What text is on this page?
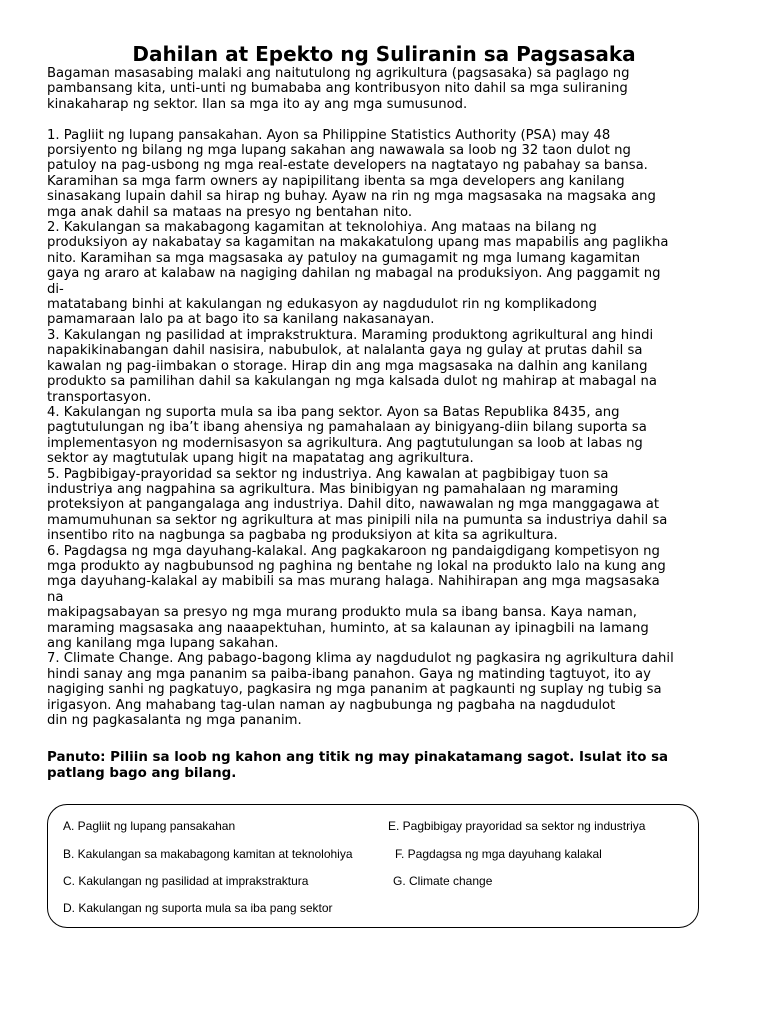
Dahilan at Epekto ng Suliranin sa Pagsasaka

Bagaman masasabing malaki ang naitutulong ng agrikultura (pagsasaka) sa paglago ng
pambansang kita, unti-unti ng bumababa ang kontribusyon nito dahil sa mga suliraning
kinakaharap ng sektor. Ilan sa mga ito ay ang mga sumusunod.

1. Pagliit ng lupang pansakahan. Ayon sa Philippine Statistics Authority (PSA) may 48
porsiyento ng bilang ng mga lupang sakahan ang nawawala sa loob ng 32 taon dulot ng
patuloy na pag-usbong ng mga real-estate developers na nagtatayo ng pabahay sa bansa.
Karamihan sa mga farm owners ay napipilitang ibenta sa mga developers ang kanilang
sinasakang lupain dahil sa hirap ng buhay. Ayaw na rin ng mga magsasaka na magsaka ang
mga anak dahil sa mataas na presyo ng bentahan nito.

2. Kakulangan sa makabagong kagamitan at teknolohiya. Ang mataas na bilang ng
produksiyon ay nakabatay sa kagamitan na makakatulong upang mas mapabilis ang paglikha
nito. Karamihan sa mga magsasaka ay patuloy na gumagamit ng mga lumang kagamitan
gaya ng araro at kalabaw na nagiging dahilan ng mabagal na produksiyon. Ang paggamit ng
di-
matatabang binhi at kakulangan ng edukasyon ay nagdudulot rin ng komplikadong
pamamaraan lalo pa at bago ito sa kanilang nakasanayan.

3. Kakulangan ng pasilidad at imprakstruktura. Maraming produktong agrikultural ang hindi
napakikinabangan dahil nasisira, nabubulok, at nalalanta gaya ng gulay at prutas dahil sa
kawalan ng pag-iimbakan o storage. Hirap din ang mga magsasaka na dalhin ang kanilang
produkto sa pamilihan dahil sa kakulangan ng mga kalsada dulot ng mahirap at mabagal na
transportasyon.

4. Kakulangan ng suporta mula sa iba pang sektor. Ayon sa Batas Republika 8435, ang
pagtutulungan ng iba’t ibang ahensiya ng pamahalaan ay binigyang-diin bilang suporta sa
implementasyon ng modernisasyon sa agrikultura. Ang pagtutulungan sa loob at labas ng
sektor ay magtutulak upang higit na mapatatag ang agrikultura.

5. Pagbibigay-prayoridad sa sektor ng industriya. Ang kawalan at pagbibigay tuon sa
industriya ang nagpahina sa agrikultura. Mas binibigyan ng pamahalaan ng maraming
proteksiyon at pangangalaga ang industriya. Dahil dito, nawawalan ng mga manggagawa at
mamumuhunan sa sektor ng agrikultura at mas pinipili nila na pumunta sa industriya dahil sa
insentibo rito na nagbunga sa pagbaba ng produksiyon at kita sa agrikultura.

6. Pagdagsa ng mga dayuhang-kalakal. Ang pagkakaroon ng pandaigdigang kompetisyon ng
mga produkto ay nagbubunsod ng paghina ng bentahe ng lokal na produkto lalo na kung ang
mga dayuhang-kalakal ay mabibili sa mas murang halaga. Nahihirapan ang mga magsasaka
na
makipagsabayan sa presyo ng mga murang produkto mula sa ibang bansa. Kaya naman,
maraming magsasaka ang naaapektuhan, huminto, at sa kalaunan ay ipinagbili na lamang
ang kanilang mga lupang sakahan.

7. Climate Change. Ang pabago-bagong klima ay nagdudulot ng pagkasira ng agrikultura dahil
hindi sanay ang mga pananim sa paiba-ibang panahon. Gaya ng matinding tagtuyot, ito ay
nagiging sanhi ng pagkatuyo, pagkasira ng mga pananim at pagkaunti ng suplay ng tubig sa
irigasyon. Ang mahabang tag-ulan naman ay nagbubunga ng pagbaha na nagdudulot
din ng pagkasalanta ng mga pananim.

Panuto: Piliin sa loob ng kahon ang titik ng may pinakatamang sagot. Isulat ito sa
patlang bago ang bilang.

A. Pagliit ng lupang pansakahan
B. Kakulangan sa makabagong kamitan at teknolohiya
C. Kakulangan ng pasilidad at imprakstraktura
D. Kakulangan ng suporta mula sa iba pang sektor
E. Pagbibigay prayoridad sa sektor ng industriya
F. Pagdagsa ng mga dayuhang kalakal
G. Climate change
